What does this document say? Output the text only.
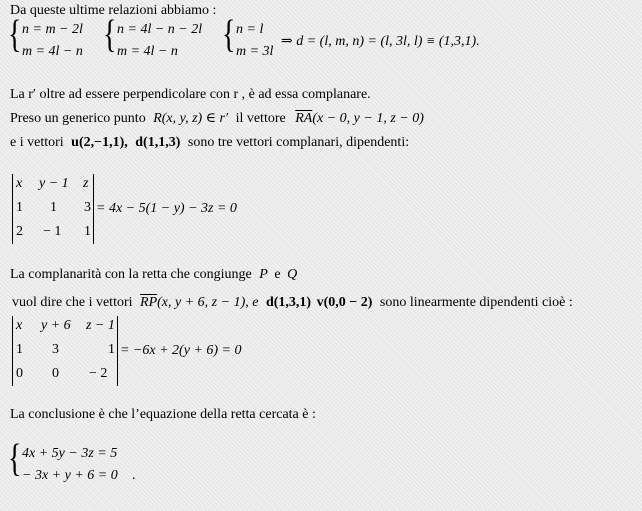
Da queste ultime relazioni abbiamo :
{ n = m − 2l
m = 4l − n { n = 4l − n − 2l
m = 4l − n { n = l
m = 3l
⇒ d = (l, m, n) = (l, 3l, l) ≡ (1,3,1).
La r′ oltre ad essere perpendicolare con r , è ad essa complanare.
Preso un generico punto R(x, y, z) ∈ r′ il vettore $\overline{RA}(x - 0$, y − 1, z − 0)
e i vettori u(2,−1,1), d(1,1,3) sono tre vettori complanari, dipendenti:
x y − 1 z
1 1 3
2 − 1 1
= 4x − 5(1 − y) − 3z = 0
La complanarità con la retta che congiunge P e Q
vuol dire che i vettori $\overline{RP}(x$, y + 6, z − 1), e d(1,3,1) v(0,0 − 2) sono linearmente dipendenti cioè :
x y + 6 z − 1
1 3	1
0 0 − 2
= −6x + 2(y + 6) = 0
La conclusione è che l’equazione della retta cercata è :
{ 4x + 5y − 3z = 5
− 3x + y + 6 = 0 .
